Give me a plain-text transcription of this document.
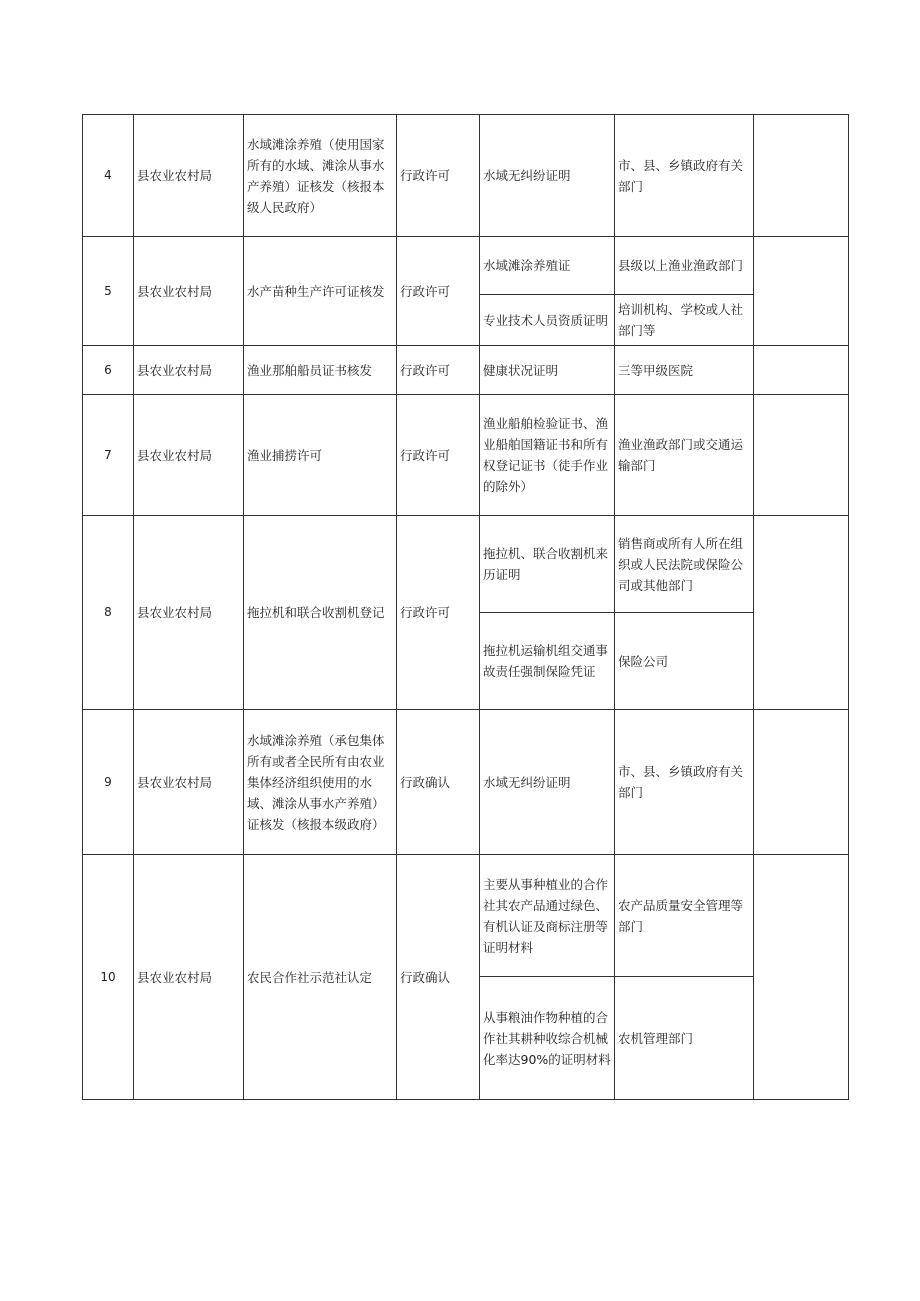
4	县农业农村局	水域滩涂养殖（使用国家所有的水域、滩涂从事水产养殖）证核发（核报本级人民政府）	行政许可	水域无纠纷证明	市、县、乡镇政府有关部门	
5	县农业农村局	水产苗种生产许可证核发	行政许可	水域滩涂养殖证	县级以上渔业渔政部门	
				专业技术人员资质证明	培训机构、学校或人社部门等	
6	县农业农村局	渔业那舶船员证书核发	行政许可	健康状况证明	三等甲级医院	
7	县农业农村局	渔业捕捞许可	行政许可	渔业船舶检验证书、渔业船舶国籍证书和所有权登记证书（徒手作业的除外）	渔业渔政部门或交通运输部门	
8	县农业农村局	拖拉机和联合收割机登记	行政许可	拖拉机、联合收割机来历证明	销售商或所有人所在组织或人民法院或保险公司或其他部门	
				拖拉机运输机组交通事故责任强制保险凭证	保险公司	
9	县农业农村局	水域滩涂养殖（承包集体所有或者全民所有由农业集体经济组织使用的水域、滩涂从事水产养殖）证核发（核报本级政府）	行政确认	水域无纠纷证明	市、县、乡镇政府有关部门	
10	县农业农村局	农民合作社示范社认定	行政确认	主要从事种植业的合作社其农产品通过绿色、有机认证及商标注册等证明材料	农产品质量安全管理等部门	
				从事粮油作物种植的合作社其耕种收综合机械化率达90%的证明材料	农机管理部门	
